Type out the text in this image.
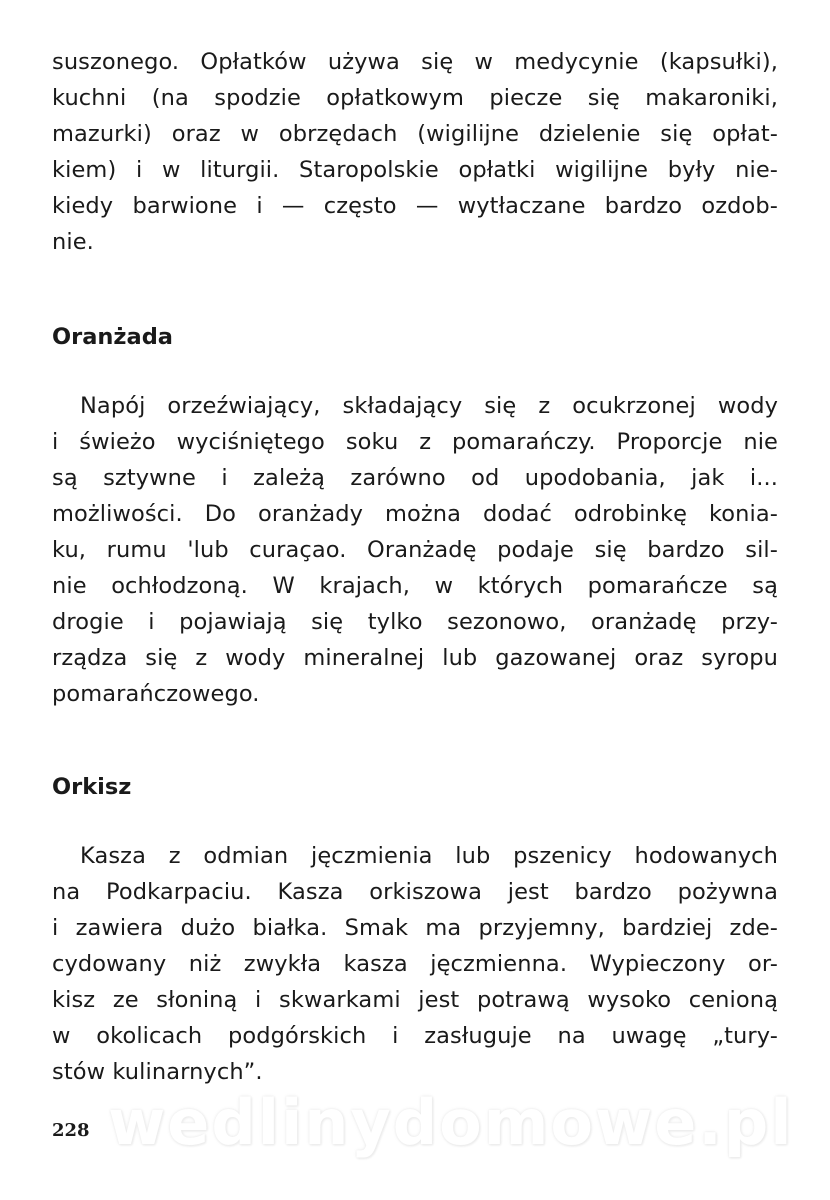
suszonego. Opłatków używa się w medycynie (kapsułki),
kuchni (na spodzie opłatkowym piecze się makaroniki,
mazurki) oraz w obrzędach (wigilijne dzielenie się opłat-
kiem) i w liturgii. Staropolskie opłatki wigilijne były nie-
kiedy barwione i — często — wytłaczane bardzo ozdob-
nie.
Oranżada
Napój orzeźwiający, składający się z ocukrzonej wody
i świeżo wyciśniętego soku z pomarańczy. Proporcje nie
są sztywne i zależą zarówno od upodobania, jak i...
możliwości. Do oranżady można dodać odrobinkę konia-
ku, rumu 'lub curaçao. Oranżadę podaje się bardzo sil-
nie ochłodzoną. W krajach, w których pomarańcze są
drogie i pojawiają się tylko sezonowo, oranżadę przy-
rządza się z wody mineralnej lub gazowanej oraz syropu
pomarańczowego.
Orkisz
Kasza z odmian jęczmienia lub pszenicy hodowanych
na Podkarpaciu. Kasza orkiszowa jest bardzo pożywna
i zawiera dużo białka. Smak ma przyjemny, bardziej zde-
cydowany niż zwykła kasza jęczmienna. Wypieczony or-
kisz ze słoniną i skwarkami jest potrawą wysoko cenioną
w okolicach podgórskich i zasługuje na uwagę „tury-
stów kulinarnych”.
wedlinydomowe.pl
228
